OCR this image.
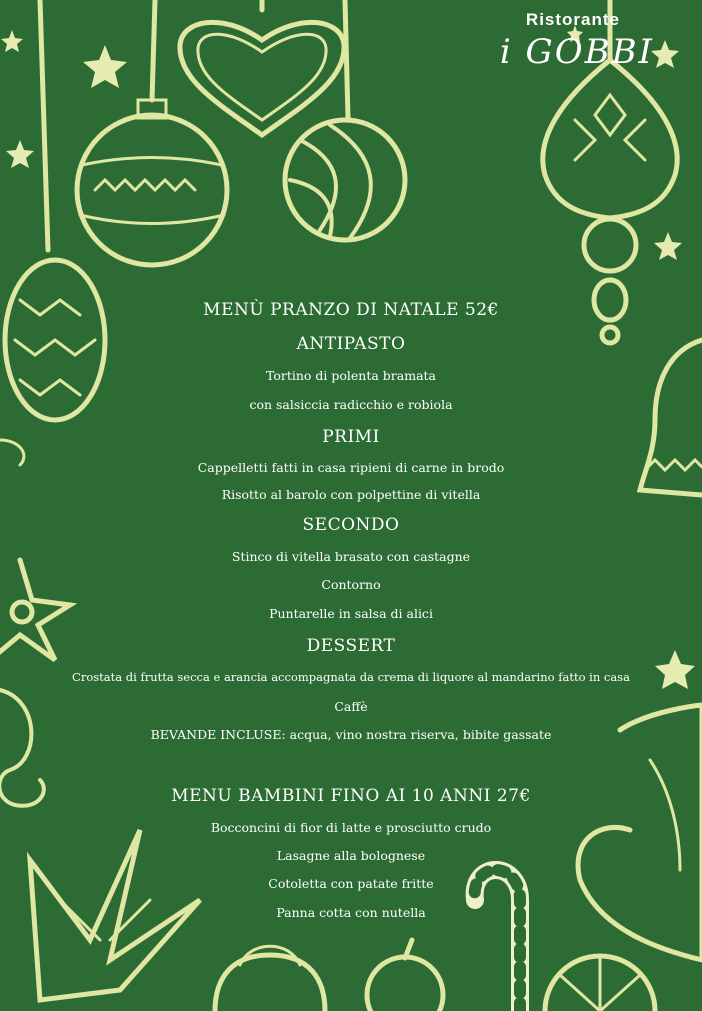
Ristorante
i GOBBI
MENÙ PRANZO DI NATALE 52€
ANTIPASTO
Tortino di polenta bramata
con salsiccia radicchio e robiola
PRIMI
Cappelletti fatti in casa ripieni di carne in brodo
Risotto al barolo con polpettine di vitella
SECONDO
Stinco di vitella brasato con castagne
Contorno
Puntarelle in salsa di alici
DESSERT
Crostata di frutta secca e arancia accompagnata da crema di liquore al mandarino fatto in casa
Caffè
BEVANDE INCLUSE: acqua, vino nostra riserva, bibite gassate
MENU BAMBINI FINO AI 10 ANNI 27€
Bocconcini di fior di latte e prosciutto crudo
Lasagne alla bolognese
Cotoletta con patate fritte
Panna cotta con nutella
